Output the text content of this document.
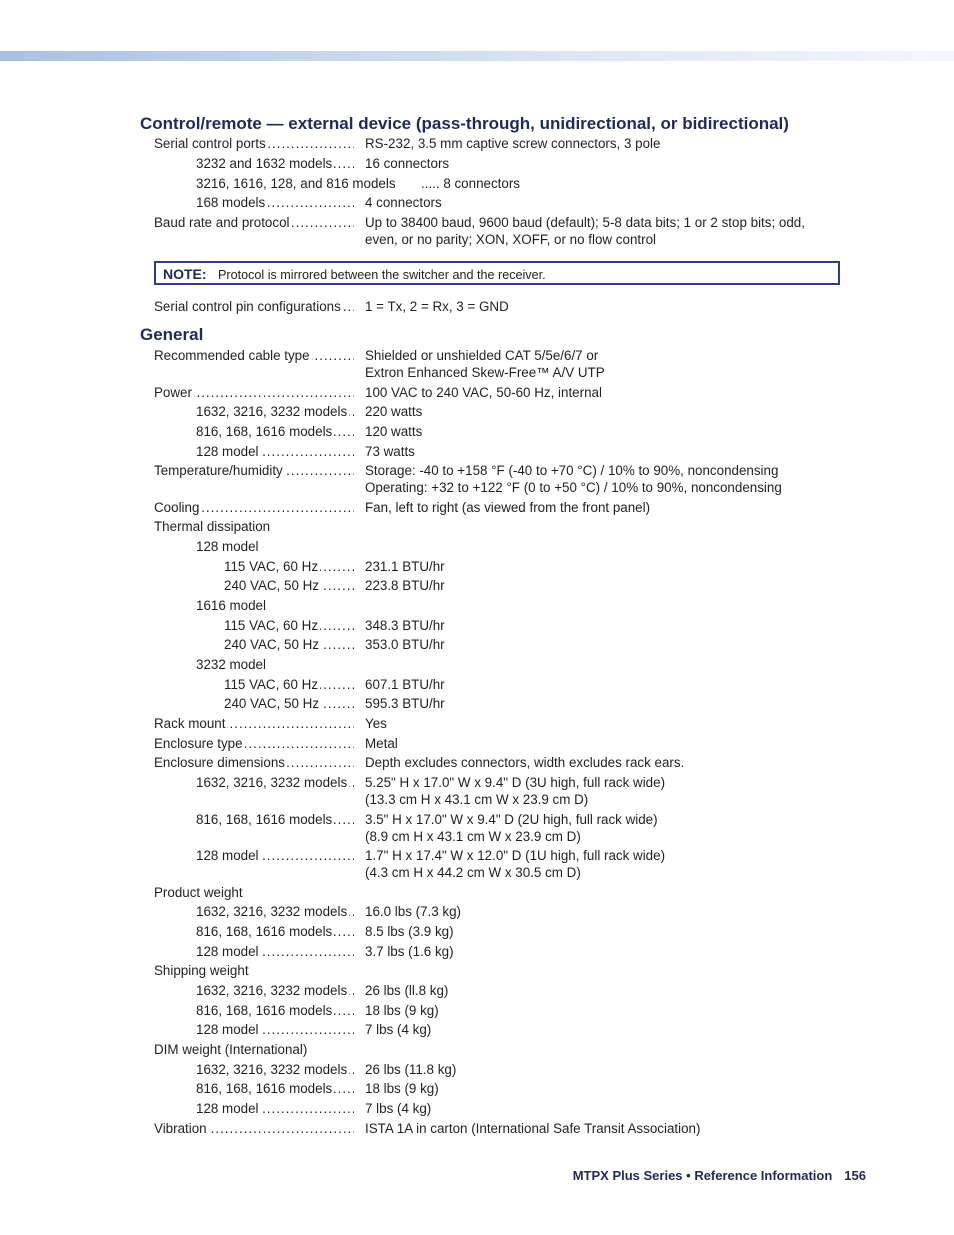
Control/remote — external device (pass-through, unidirectional, or bidirectional)
Serial control ports .....	RS-232, 3.5 mm captive screw connectors, 3 pole
3232 and 1632 models .....	16 connectors
3216, 1616, 128, and 816 models	..... 8 connectors
168 models .....	4 connectors
Baud rate and protocol .....	Up to 38400 baud, 9600 baud (default); 5-8 data bits; 1 or 2 stop bits; odd,
even, or no parity; XON, XOFF, or no flow control
NOTE: Protocol is mirrored between the switcher and the receiver.
Serial control pin configurations .....	1 = Tx, 2 = Rx, 3 = GND
General
Recommended cable type .....	Shielded or unshielded CAT 5/5e/6/7 or
Extron Enhanced Skew-Free™ A/V UTP
Power .....	100 VAC to 240 VAC, 50-60 Hz, internal
1632, 3216, 3232 models .....	220 watts
816, 168, 1616 models .....	120 watts
128 model .....	73 watts
Temperature/humidity .....	Storage: -40 to +158 °F (-40 to +70 °C) / 10% to 90%, noncondensing
Operating: +32 to +122 °F (0 to +50 °C) / 10% to 90%, noncondensing
Cooling .....	Fan, left to right (as viewed from the front panel)
Thermal dissipation
128 model
115 VAC, 60 Hz .....	231.1 BTU/hr
240 VAC, 50 Hz .....	223.8 BTU/hr
1616 model
115 VAC, 60 Hz .....	348.3 BTU/hr
240 VAC, 50 Hz .....	353.0 BTU/hr
3232 model
115 VAC, 60 Hz .....	607.1 BTU/hr
240 VAC, 50 Hz .....	595.3 BTU/hr
Rack mount .....	Yes
Enclosure type .....	Metal
Enclosure dimensions .....	Depth excludes connectors, width excludes rack ears.
1632, 3216, 3232 models .....	5.25" H x 17.0" W x 9.4" D (3U high, full rack wide)
(13.3 cm H x 43.1 cm W x 23.9 cm D)
816, 168, 1616 models .....	3.5" H x 17.0" W x 9.4" D (2U high, full rack wide)
(8.9 cm H x 43.1 cm W x 23.9 cm D)
128 model .....	1.7" H x 17.4" W x 12.0" D (1U high, full rack wide)
(4.3 cm H x 44.2 cm W x 30.5 cm D)
Product weight
1632, 3216, 3232 models .....	16.0 lbs (7.3 kg)
816, 168, 1616 models .....	8.5 lbs (3.9 kg)
128 model .....	3.7 lbs (1.6 kg)
Shipping weight
1632, 3216, 3232 models .....	26 lbs (ll.8 kg)
816, 168, 1616 models .....	18 lbs (9 kg)
128 model .....	7 lbs (4 kg)
DIM weight (International)
1632, 3216, 3232 models .....	26 lbs (11.8 kg)
816, 168, 1616 models .....	18 lbs (9 kg)
128 model .....	7 lbs (4 kg)
Vibration .....	ISTA 1A in carton (International Safe Transit Association)
MTPX Plus Series • Reference Information 156
